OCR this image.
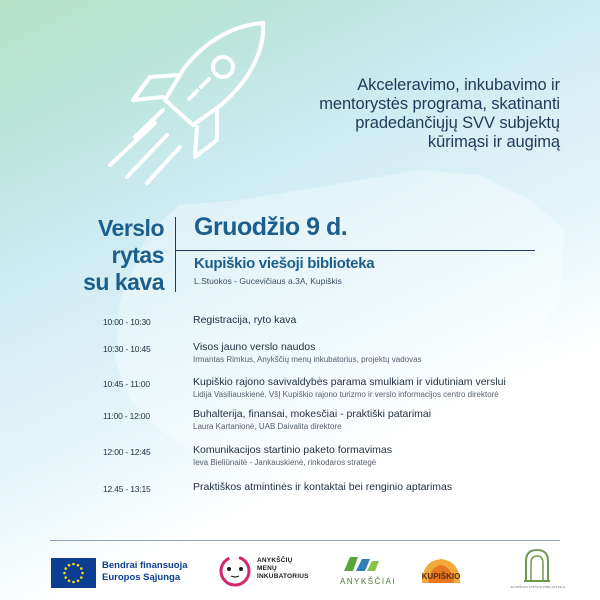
Akceleravimo, inkubavimo ir mentorystės programa, skatinanti pradedančiųjų SVV subjektų kūrimąsi ir augimą
Verslo
rytas
su kava
Gruodžio 9 d.
Kupiškio viešoji biblioteka
L.Stuokos - Gucevičiaus a.3A, Kupiškis
10:00 - 10:30	Registracija, ryto kava
10:30 - 10:45	Visos jauno verslo naudos
Irmantas Rimkus, Anykščių menų inkubatorius, projektų vadovas
10:45 - 11:00	Kupiškio rajono savivaldybės parama smulkiam ir vidutiniam verslui
Lidija Vasiliauskienė, VšĮ Kupiškio rajono turizmo ir verslo informacijos centro direktorė
11:00 - 12:00	Buhalterija, finansai, mokesčiai - praktiški patarimai
Laura Kartanionė, UAB Daivalita direktore
12:00 - 12:45	Komunikacijos startinio paketo formavimas
Ieva Bieliūnaitė - Jankauskienė, rinkodaros strategė
12.45 - 13:15	Praktiškos atmintinės ir kontaktai bei renginio aptarimas
Bendrai finansuoja
Europos Sąjunga
ANYKŠČIŲ
MENŲ
INKUBATORIUS
ANYKŠČIAI
KUPIŠKIO
KUPIŠKIO VIEŠOJI BIBLIOTEKA
